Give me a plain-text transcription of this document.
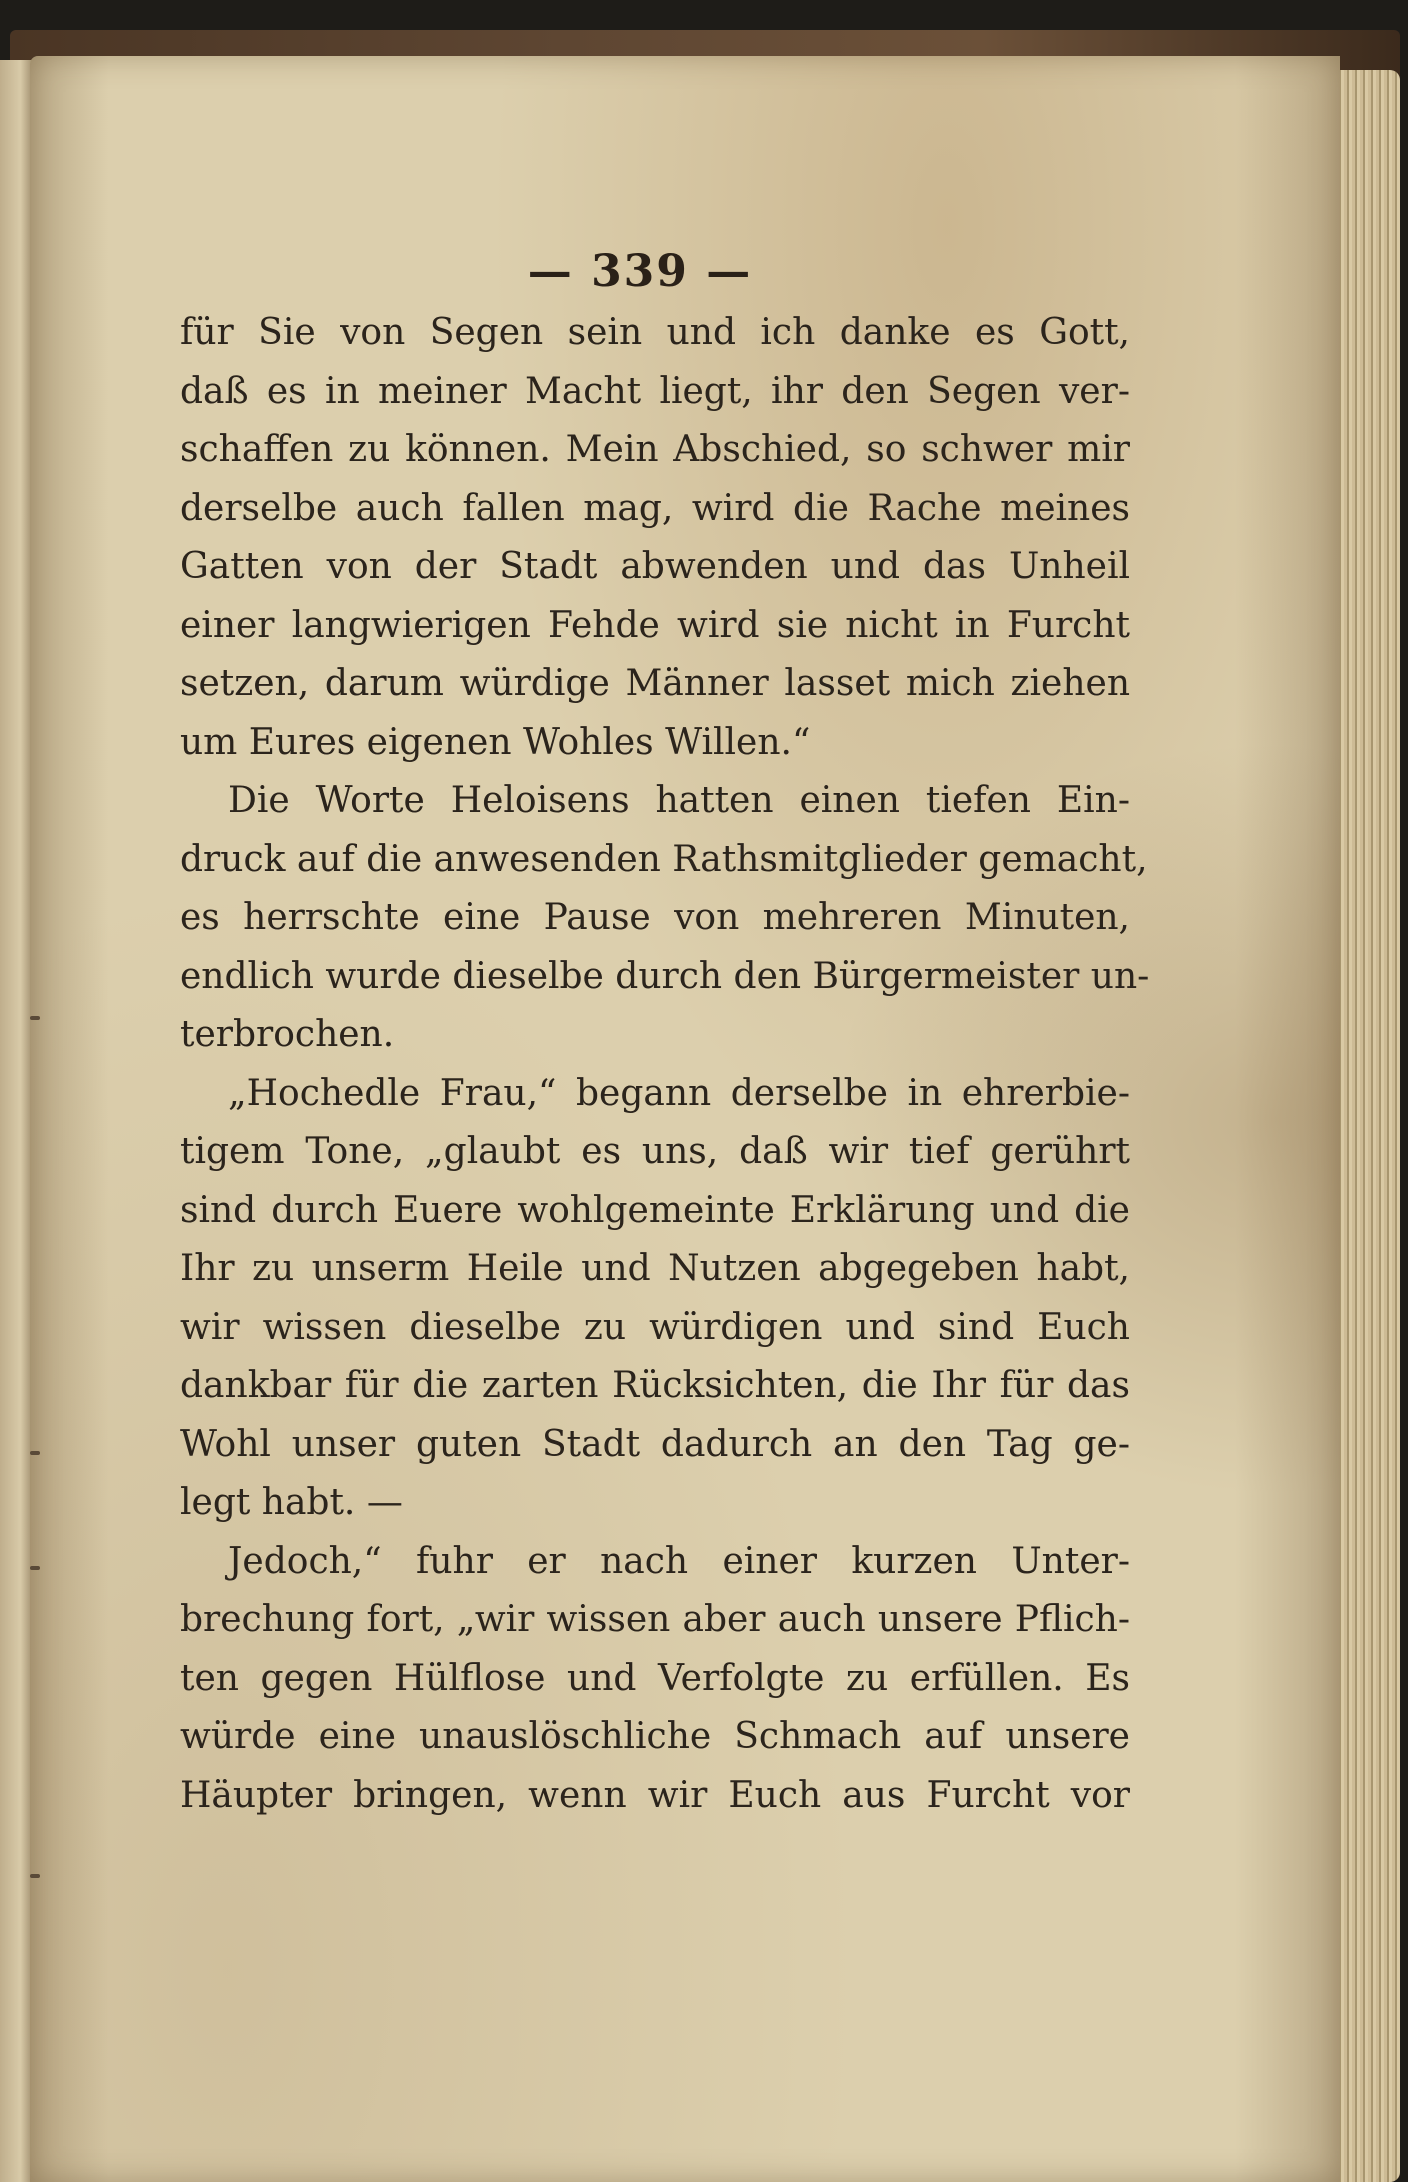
— 339 —
für Sie von Segen sein und ich danke es Gott,
daß es in meiner Macht liegt, ihr den Segen ver-
schaffen zu können. Mein Abschied, so schwer mir
derselbe auch fallen mag, wird die Rache meines
Gatten von der Stadt abwenden und das Unheil
einer langwierigen Fehde wird sie nicht in Furcht
setzen, darum würdige Männer lasset mich ziehen
um Eures eigenen Wohles Willen.“
Die Worte Heloisens hatten einen tiefen Ein-
druck auf die anwesenden Rathsmitglieder gemacht,
es herrschte eine Pause von mehreren Minuten,
endlich wurde dieselbe durch den Bürgermeister un-
terbrochen.
„Hochedle Frau,“ begann derselbe in ehrerbie-
tigem Tone, „glaubt es uns, daß wir tief gerührt
sind durch Euere wohlgemeinte Erklärung und die
Ihr zu unserm Heile und Nutzen abgegeben habt,
wir wissen dieselbe zu würdigen und sind Euch
dankbar für die zarten Rücksichten, die Ihr für das
Wohl unser guten Stadt dadurch an den Tag ge-
legt habt. —
Jedoch,“ fuhr er nach einer kurzen Unter-
brechung fort, „wir wissen aber auch unsere Pflich-
ten gegen Hülflose und Verfolgte zu erfüllen. Es
würde eine unauslöschliche Schmach auf unsere
Häupter bringen, wenn wir Euch aus Furcht vor
